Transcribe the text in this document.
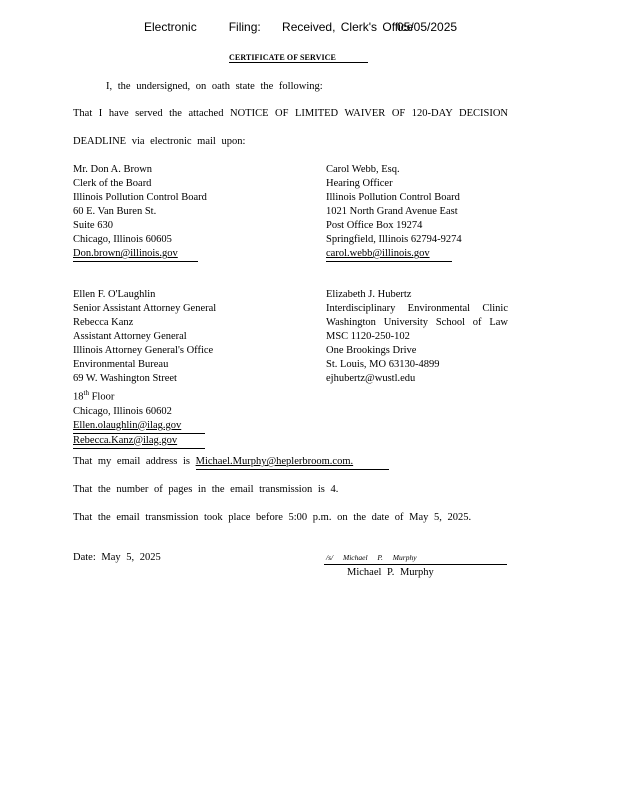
Electronic      Filing:    Received, Clerk's Office
05/05/2025
CERTIFICATE OF SERVICE
I, the undersigned, on oath state the following:
That I have served the attached NOTICE OF LIMITED WAIVER OF 120-DAY DECISION
DEADLINE via electronic mail upon:
Mr. Don A. Brown
Clerk of the Board
Illinois Pollution Control Board
60 E. Van Buren St.
Suite 630
Chicago, Illinois 60605
Don.brown@illinois.gov
Carol Webb, Esq.
Hearing Officer
Illinois Pollution Control Board
1021 North Grand Avenue East
Post Office Box 19274
Springfield, Illinois 62794-9274
carol.webb@illinois.gov
Ellen F. O'Laughlin
Senior Assistant Attorney General
Rebecca Kanz
Assistant Attorney General
Illinois Attorney General's Office
Environmental Bureau
69 W. Washington Street
18th Floor
Chicago, Illinois 60602
Ellen.olaughlin@ilag.gov
Rebecca.Kanz@ilag.gov
Elizabeth J. Hubertz
Interdisciplinary Environmental Clinic
Washington University School of Law
MSC 1120-250-102
One Brookings Drive
St. Louis, MO 63130-4899
ejhubertz@wustl.edu
That my email address is Michael.Murphy@heplerbroom.com.
That the number of pages in the email transmission is 4.
That the email transmission took place before 5:00 p.m. on the date of May 5, 2025.
Date: May 5, 2025	/s/ Michael P. Murphy
Michael P. Murphy
